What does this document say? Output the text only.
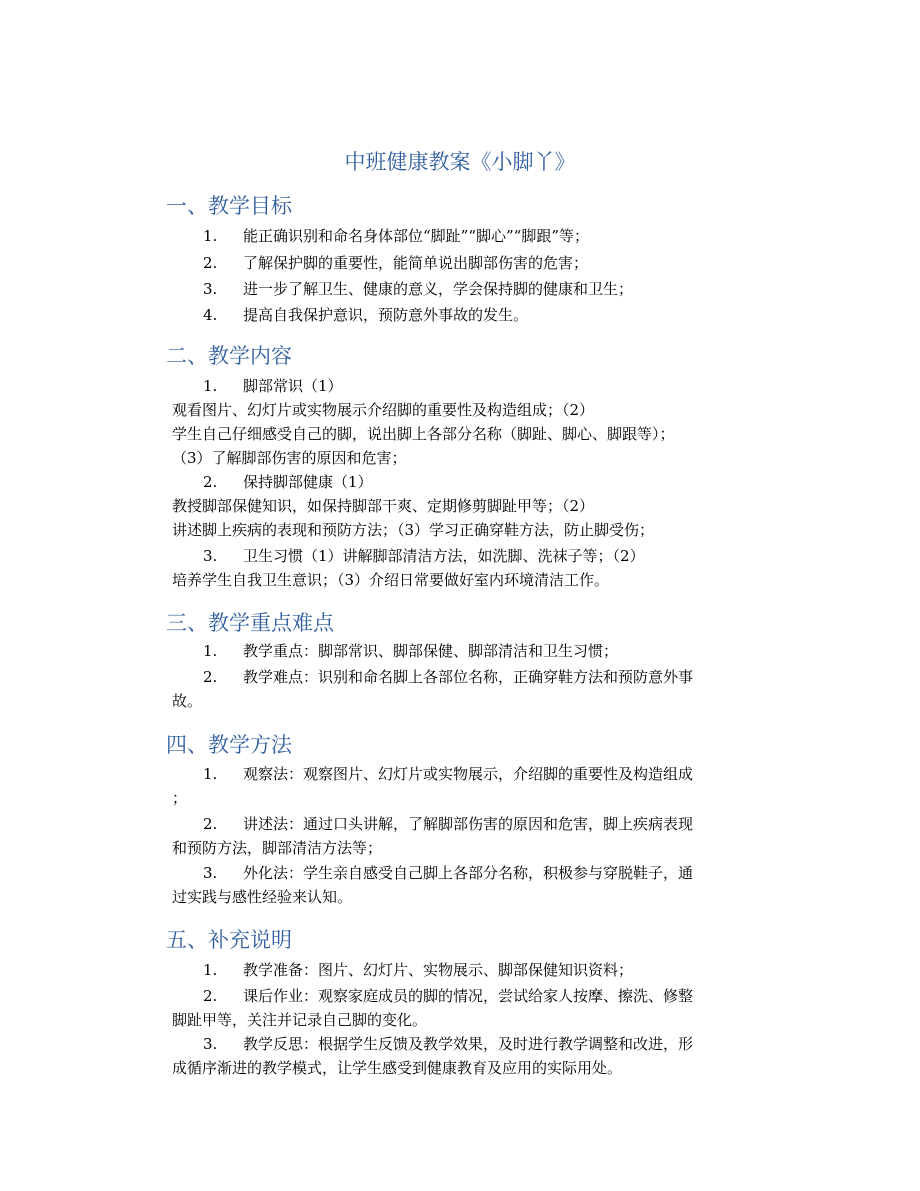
中班健康教案《小脚丫》
一、教学目标
1. 能正确识别和命名身体部位“脚趾”“脚心”“脚跟”等；
2. 了解保护脚的重要性，能简单说出脚部伤害的危害；
3. 进一步了解卫生、健康的意义，学会保持脚的健康和卫生；
4. 提高自我保护意识，预防意外事故的发生。
二、教学内容
1. 脚部常识（1）
观看图片、幻灯片或实物展示介绍脚的重要性及构造组成；（2）
学生自己仔细感受自己的脚，说出脚上各部分名称（脚趾、脚心、脚跟等）；
（3）了解脚部伤害的原因和危害；
2. 保持脚部健康（1）
教授脚部保健知识，如保持脚部干爽、定期修剪脚趾甲等；（2）
讲述脚上疾病的表现和预防方法；（3）学习正确穿鞋方法，防止脚受伤；
3. 卫生习惯（1）讲解脚部清洁方法，如洗脚、洗袜子等；（2）
培养学生自我卫生意识；（3）介绍日常要做好室内环境清洁工作。
三、教学重点难点
1. 教学重点：脚部常识、脚部保健、脚部清洁和卫生习惯；
2. 教学难点：识别和命名脚上各部位名称，正确穿鞋方法和预防意外事
故。
四、教学方法
1. 观察法：观察图片、幻灯片或实物展示，介绍脚的重要性及构造组成
；
2. 讲述法：通过口头讲解，了解脚部伤害的原因和危害，脚上疾病表现
和预防方法，脚部清洁方法等；
3. 外化法：学生亲自感受自己脚上各部分名称，积极参与穿脱鞋子，通
过实践与感性经验来认知。
五、补充说明
1. 教学准备：图片、幻灯片、实物展示、脚部保健知识资料；
2. 课后作业：观察家庭成员的脚的情况，尝试给家人按摩、擦洗、修整
脚趾甲等，关注并记录自己脚的变化。
3. 教学反思：根据学生反馈及教学效果，及时进行教学调整和改进，形
成循序渐进的教学模式，让学生感受到健康教育及应用的实际用处。
